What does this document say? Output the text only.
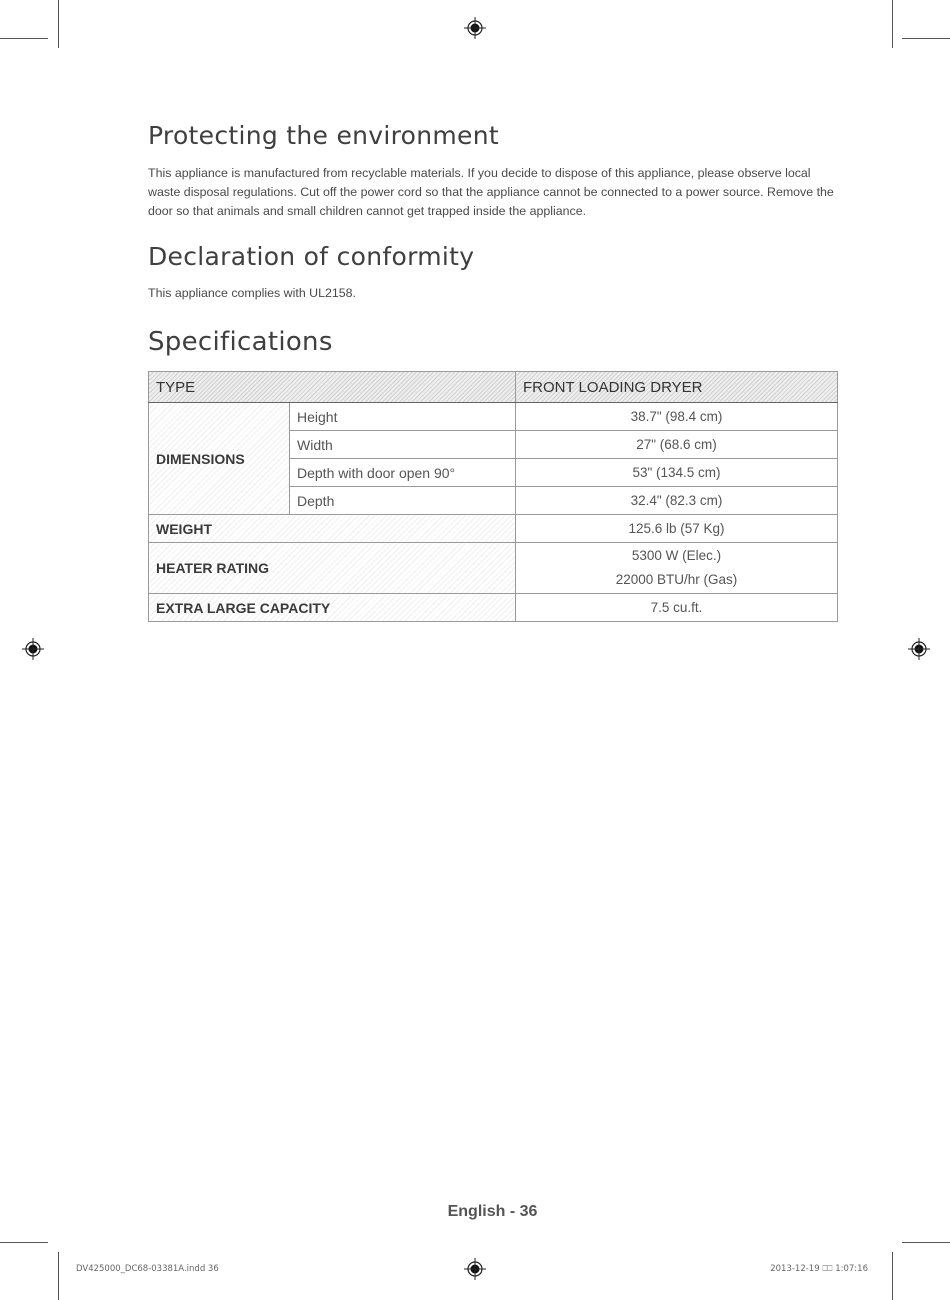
Protecting the environment

This appliance is manufactured from recyclable materials. If you decide to dispose of this appliance, please observe local waste disposal regulations. Cut off the power cord so that the appliance cannot be connected to a power source. Remove the door so that animals and small children cannot get trapped inside the appliance.

Declaration of conformity

This appliance complies with UL2158.

Specifications
TYPE		FRONT LOADING DRYER
DIMENSIONS	Height	38.7" (98.4 cm)
	Width	27" (68.6 cm)
	Depth with door open 90°	53" (134.5 cm)
	Depth	32.4" (82.3 cm)
WEIGHT		125.6 lb (57 Kg)
HEATER RATING		5300 W (Elec.)
22000 BTU/hr (Gas)

EXTRA LARGE CAPACITY		7.5 cu.ft.
English - 36
DV425000_DC68-03381A.indd 36	2013-12-19 ⎕⎕ 1:07:16
